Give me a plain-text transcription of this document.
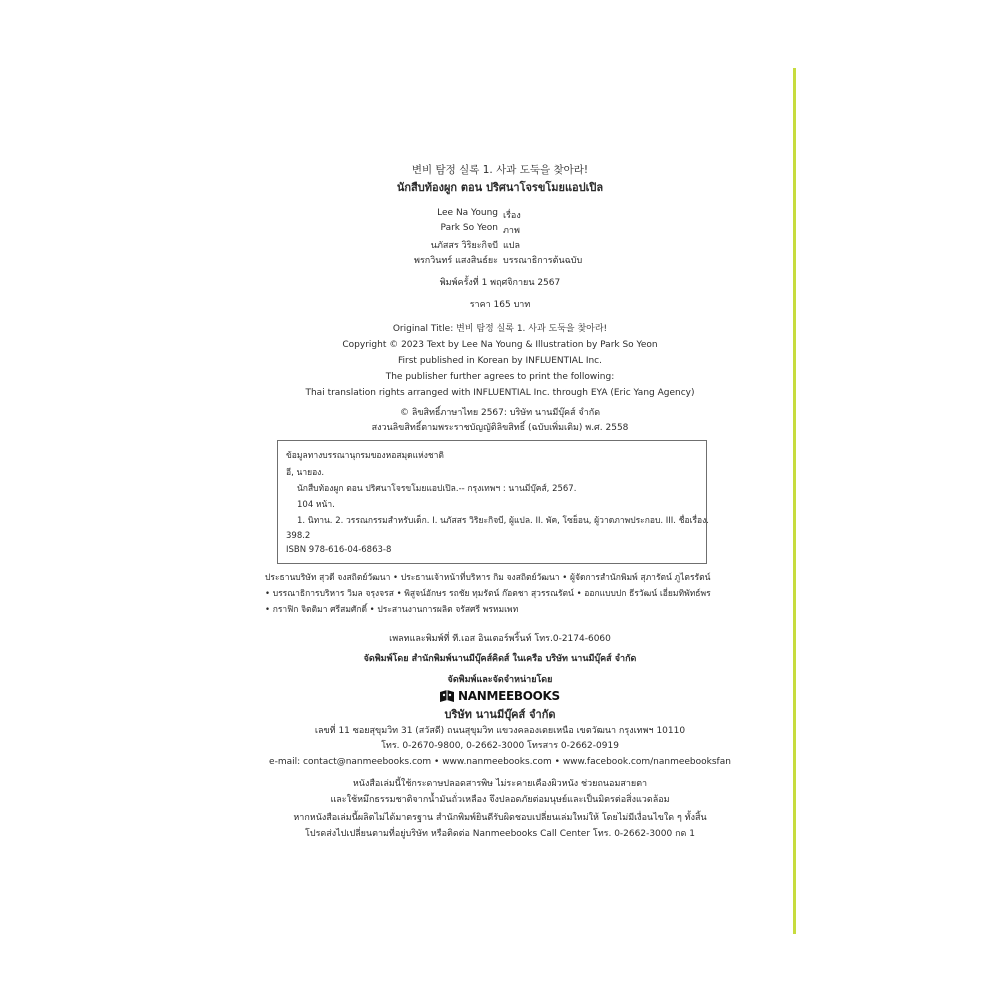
변비 탐정 실록 1. 사과 도둑을 찾아라!
นักสืบท้องผูก ตอน ปริศนาโจรขโมยแอปเปิล
Lee Na Young เรื่อง
Park So Yeon ภาพ
นภัสสร วิริยะกิจบี แปล
พรกวินทร์ แสงสินธ์ยะ บรรณาธิการต้นฉบับ
พิมพ์ครั้งที่ 1 พฤศจิกายน 2567
ราคา 165 บาท
Original Title: 변비 탐정 실록 1. 사과 도둑을 찾아라!
Copyright © 2023 Text by Lee Na Young & Illustration by Park So Yeon
First published in Korean by INFLUENTIAL Inc.
The publisher further agrees to print the following:
Thai translation rights arranged with INFLUENTIAL Inc. through EYA (Eric Yang Agency)
© ลิขสิทธิ์ภาษาไทย 2567: บริษัท นานมีบุ๊คส์ จำกัด
สงวนลิขสิทธิ์ตามพระราชบัญญัติลิขสิทธิ์ (ฉบับเพิ่มเติม) พ.ศ. 2558
ข้อมูลทางบรรณานุกรมของหอสมุดแห่งชาติ
อี, นายอง.
นักสืบท้องผูก ตอน ปริศนาโจรขโมยแอปเปิล.-- กรุงเทพฯ : นานมีบุ๊คส์, 2567.
104 หน้า.
1. นิทาน. 2. วรรณกรรมสำหรับเด็ก. I. นภัสสร วิริยะกิจบี, ผู้แปล. II. พัค, โซย็อน, ผู้วาดภาพประกอบ. III. ชื่อเรื่อง.
398.2
ISBN 978-616-04-6863-8
ประธานบริษัท สุวดี จงสถิตย์วัฒนา • ประธานเจ้าหน้าที่บริหาร กิม จงสถิตย์วัฒนา • ผู้จัดการสำนักพิมพ์ สุภารัตน์ ภูไตรรัตน์
• บรรณาธิการบริหาร วิมล จรุงจรส • พิสูจน์อักษร รถชัย ทุมรัตน์ ก๊อตชา สุวรรณรัตน์ • ออกแบบปก ธีรวัฒน์ เอี่ยมทิพัทธ์พร
• กราฟิก จิตติมา ศรีสมศักดิ์ • ประสานงานการผลิต จรัสศรี พรหมเพท
เพลทและพิมพ์ที่ ที.เอส อินเตอร์พริ้นท์ โทร.0-2174-6060
จัดพิมพ์โดย สำนักพิมพ์นานมีบุ๊คส์คิดส์ ในเครือ บริษัท นานมีบุ๊คส์ จำกัด
จัดพิมพ์และจัดจำหน่ายโดย
NANMEEBOOKS
บริษัท นานมีบุ๊คส์ จำกัด
เลขที่ 11 ซอยสุขุมวิท 31 (สวัสดี) ถนนสุขุมวิท แขวงคลองเตยเหนือ เขตวัฒนา กรุงเทพฯ 10110
โทร. 0-2670-9800, 0-2662-3000 โทรสาร 0-2662-0919
e-mail: contact@nanmeebooks.com • www.nanmeebooks.com • www.facebook.com/nanmeebooksfan
หนังสือเล่มนี้ใช้กระดาษปลอดสารพิษ ไม่ระคายเคืองผิวหนัง ช่วยถนอมสายตา
และใช้หมึกธรรมชาติจากน้ำมันถั่วเหลือง จึงปลอดภัยต่อมนุษย์และเป็นมิตรต่อสิ่งแวดล้อม
หากหนังสือเล่มนี้ผลิตไม่ได้มาตรฐาน สำนักพิมพ์ยินดีรับผิดชอบเปลี่ยนเล่มใหม่ให้ โดยไม่มีเงื่อนไขใด ๆ ทั้งสิ้น
โปรดส่งไปเปลี่ยนตามที่อยู่บริษัท หรือติดต่อ Nanmeebooks Call Center โทร. 0-2662-3000 กด 1
